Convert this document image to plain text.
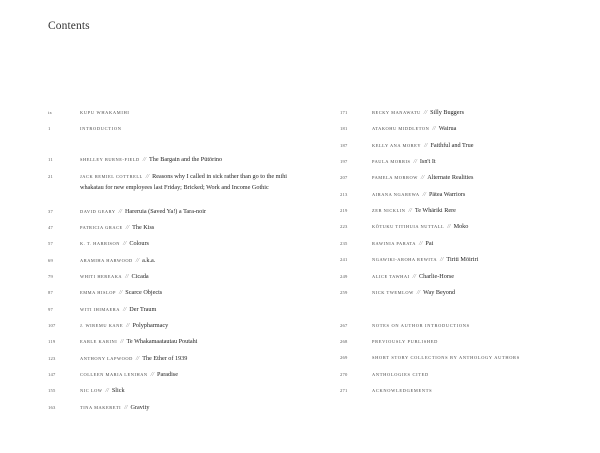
Contents
ix	KUPU WHAKAMIHI
1	INTRODUCTION
11	SHELLEY BURNE-FIELD // The Bargain and the Pūtōrino
21	JACK REMIEL COTTRELL // Reasons why I called in sick rather than go to the mihi whakatau for new employees last Friday; Bricked; Work and Income Gothic
37	DAVID GEARY // Hareruia (Saved Ya!) a Tara-noir
47	PATRICIA GRACE // The Kiss
57	K. T. HARRISON // Colours
69	ARAMIHA HARWOOD // a.k.a.
79	WHITI HEREAKA // Cicada
87	EMMA HISLOP // Scarce Objects
97	WITI IHIMAERA // Der Traum
107	J. WIREMU KANE // Polypharmacy
119	EARLE KARINI // Te Whakamaatautau Poutahi
123	ANTHONY LAPWOOD // The Ether of 1939
147	COLLEEN MARIA LENIHAN // Paradise
155	NIC LOW // Slick
163	TINA MAKERETI // Gravity
171	BECKY MANAWATU // Silly Buggers
181	ATAKOHU MIDDLETON // Wairua
187	KELLY ANA MOREY // Faithful and True
197	PAULA MORRIS // Isn't It
207	PAMELA MORROW // Alternate Realities
213	AIRANA NGAREWA // Pātea Warriors
219	ZEB NICKLIN // Te Whāriki Rere
223	KŌTUKU TITIHUIA NUTTALL // Moko
235	RAWINIA PARATA // Pai
241	NGAWIKI-AROHA REWITA // Tiriti Mōiriri
249	ALICE TAWHAI // Charlie-Horse
259	NICK TWEMLOW // Way Beyond
267	NOTES ON AUTHOR INTRODUCTIONS
268	PREVIOUSLY PUBLISHED
269	SHORT STORY COLLECTIONS BY ANTHOLOGY AUTHORS
270	ANTHOLOGIES CITED
271	ACKNOWLEDGEMENTS
